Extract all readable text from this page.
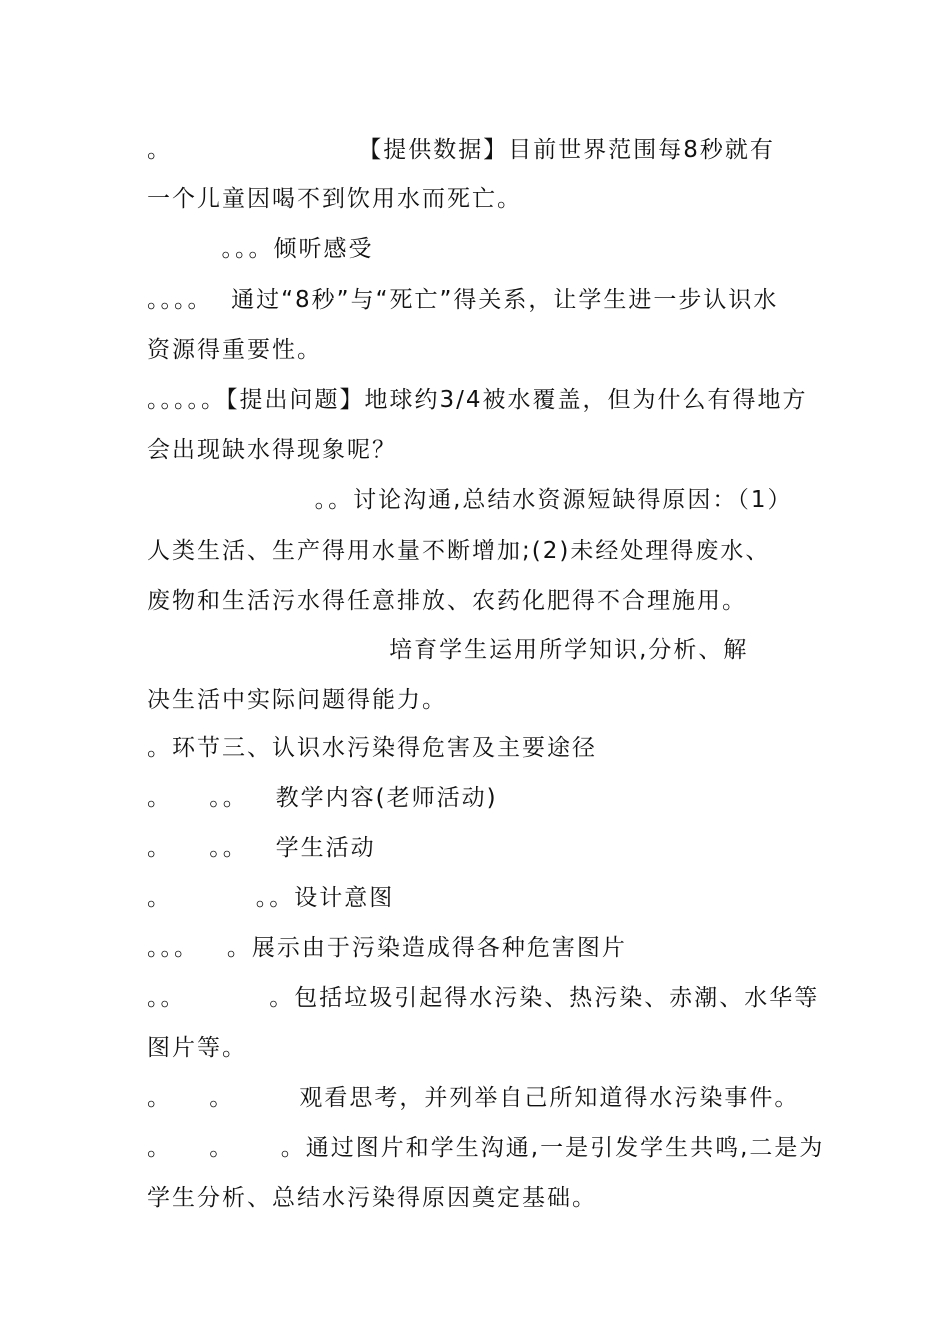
。                    【提供数据】目前世界范围每8秒就有
一个儿童因喝不到饮用水而死亡。
。。。倾听感受
。。。。  通过“8秒”与“死亡”得关系，让学生进一步认识水
资源得重要性。
。。。。。【提出问题】地球约3/4被水覆盖，但为什么有得地方
会出现缺水得现象呢？
。。讨论沟通,总结水资源短缺得原因：（1）
人类生活、生产得用水量不断增加;(2)未经处理得废水、
废物和生活污水得任意排放、农药化肥得不合理施用。
培育学生运用所学知识,分析、解
决生活中实际问题得能力。
。环节三、认识水污染得危害及主要途径
。    。。   教学内容(老师活动)
。    。。   学生活动
。         。。设计意图
。。。   。展示由于污染造成得各种危害图片
。。         。包括垃圾引起得水污染、热污染、赤潮、水华等
图片等。
。    。       观看思考，并列举自己所知道得水污染事件。
。    。     。通过图片和学生沟通,一是引发学生共鸣,二是为
学生分析、总结水污染得原因奠定基础。
